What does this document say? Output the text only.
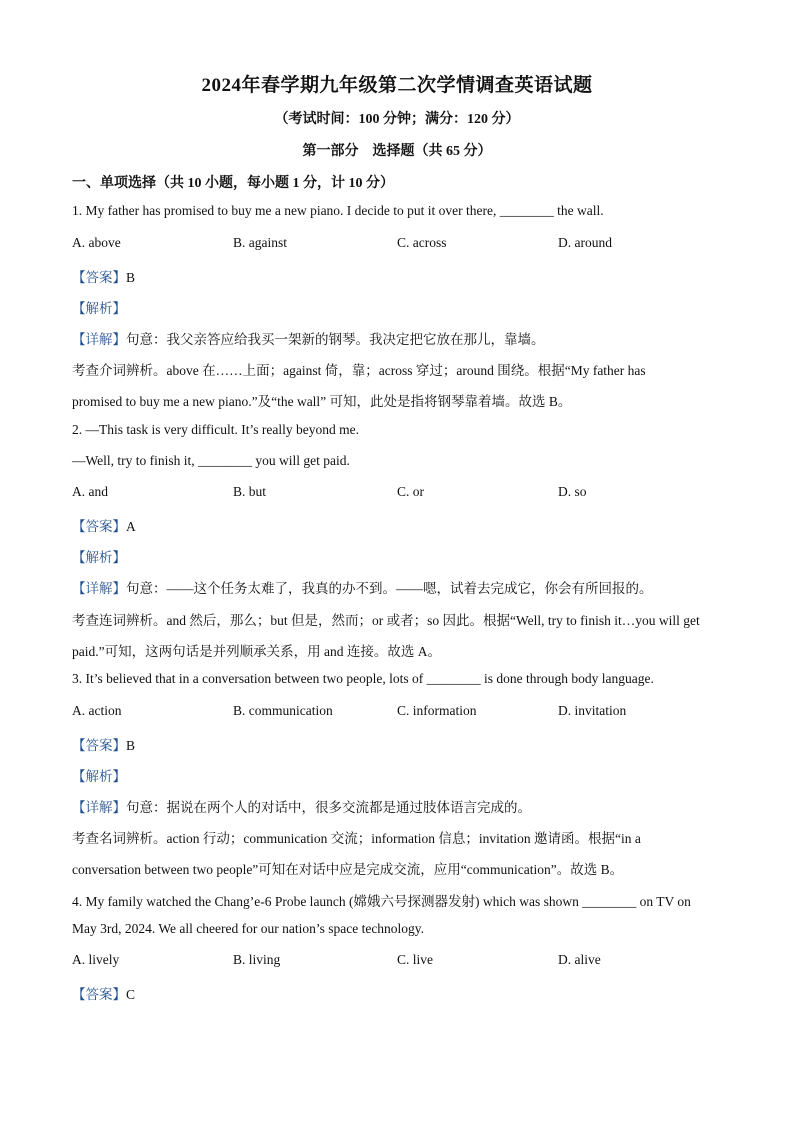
2024年春学期九年级第二次学情调查英语试题
（考试时间：100 分钟；满分：120 分）
第一部分　选择题（共 65 分）
一、单项选择（共 10 小题，每小题 1 分，计 10 分）
1. My father has promised to buy me a new piano. I decide to put it over there, ________ the wall.
A. above	B. against	C. across	D. around
【答案】B
【解析】
【详解】句意：我父亲答应给我买一架新的钢琴。我决定把它放在那儿，靠墙。
考查介词辨析。above 在……上面；against 倚，靠；across 穿过；around 围绕。根据“My father has
promised to buy me a new piano.”及“the wall” 可知，此处是指将钢琴靠着墙。故选 B。
2. —This task is very difficult. It’s really beyond me.
—Well, try to finish it, ________ you will get paid.
A. and	B. but	C. or	D. so
【答案】A
【解析】
【详解】句意：——这个任务太难了，我真的办不到。——嗯，试着去完成它，你会有所回报的。
考查连词辨析。and 然后，那么；but 但是，然而；or 或者；so 因此。根据“Well, try to finish it…you will get
paid.”可知，这两句话是并列顺承关系，用 and 连接。故选 A。
3. It’s believed that in a conversation between two people, lots of ________ is done through body language.
A. action	B. communication	C. information	D. invitation
【答案】B
【解析】
【详解】句意：据说在两个人的对话中，很多交流都是通过肢体语言完成的。
考查名词辨析。action 行动；communication 交流；information 信息；invitation 邀请函。根据“in a
conversation between two people”可知在对话中应是完成交流，应用“communication”。故选 B。
4. My family watched the Chang’e-6 Probe launch (嫦娥六号探测器发射) which was shown ________ on TV on
May 3rd, 2024. We all cheered for our nation’s space technology.
A. lively	B. living	C. live	D. alive
【答案】C
